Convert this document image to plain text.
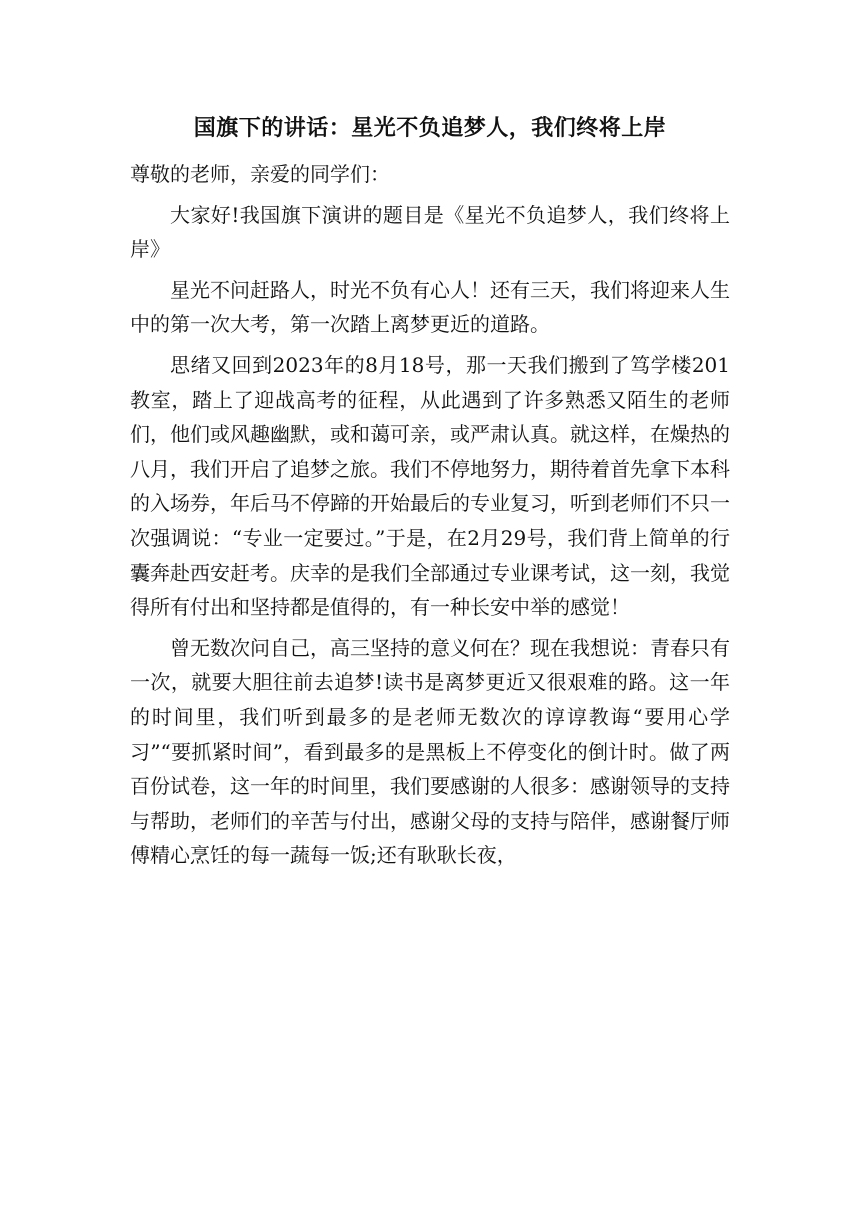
国旗下的讲话：星光不负追梦人，我们终将上岸

尊敬的老师，亲爱的同学们：

大家好!我国旗下演讲的题目是《星光不负追梦人，我们终将上岸》

星光不问赶路人，时光不负有心人！还有三天，我们将迎来人生中的第一次大考，第一次踏上离梦更近的道路。

思绪又回到2023年的8月18号，那一天我们搬到了笃学楼201教室，踏上了迎战高考的征程，从此遇到了许多熟悉又陌生的老师们，他们或风趣幽默，或和蔼可亲，或严肃认真。就这样，在燥热的八月，我们开启了追梦之旅。我们不停地努力，期待着首先拿下本科的入场券，年后马不停蹄的开始最后的专业复习，听到老师们不只一次强调说：“专业一定要过。”于是，在2月29号，我们背上简单的行囊奔赴西安赶考。庆幸的是我们全部通过专业课考试，这一刻，我觉得所有付出和坚持都是值得的，有一种长安中举的感觉！

曾无数次问自己，高三坚持的意义何在？现在我想说：青春只有一次，就要大胆往前去追梦!读书是离梦更近又很艰难的路。这一年的时间里，我们听到最多的是老师无数次的谆谆教诲“要用心学习”“要抓紧时间”，看到最多的是黑板上不停变化的倒计时。做了两百份试卷，这一年的时间里，我们要感谢的人很多：感谢领导的支持与帮助，老师们的辛苦与付出，感谢父母的支持与陪伴，感谢餐厅师傅精心烹饪的每一蔬每一饭;还有耿耿长夜，
